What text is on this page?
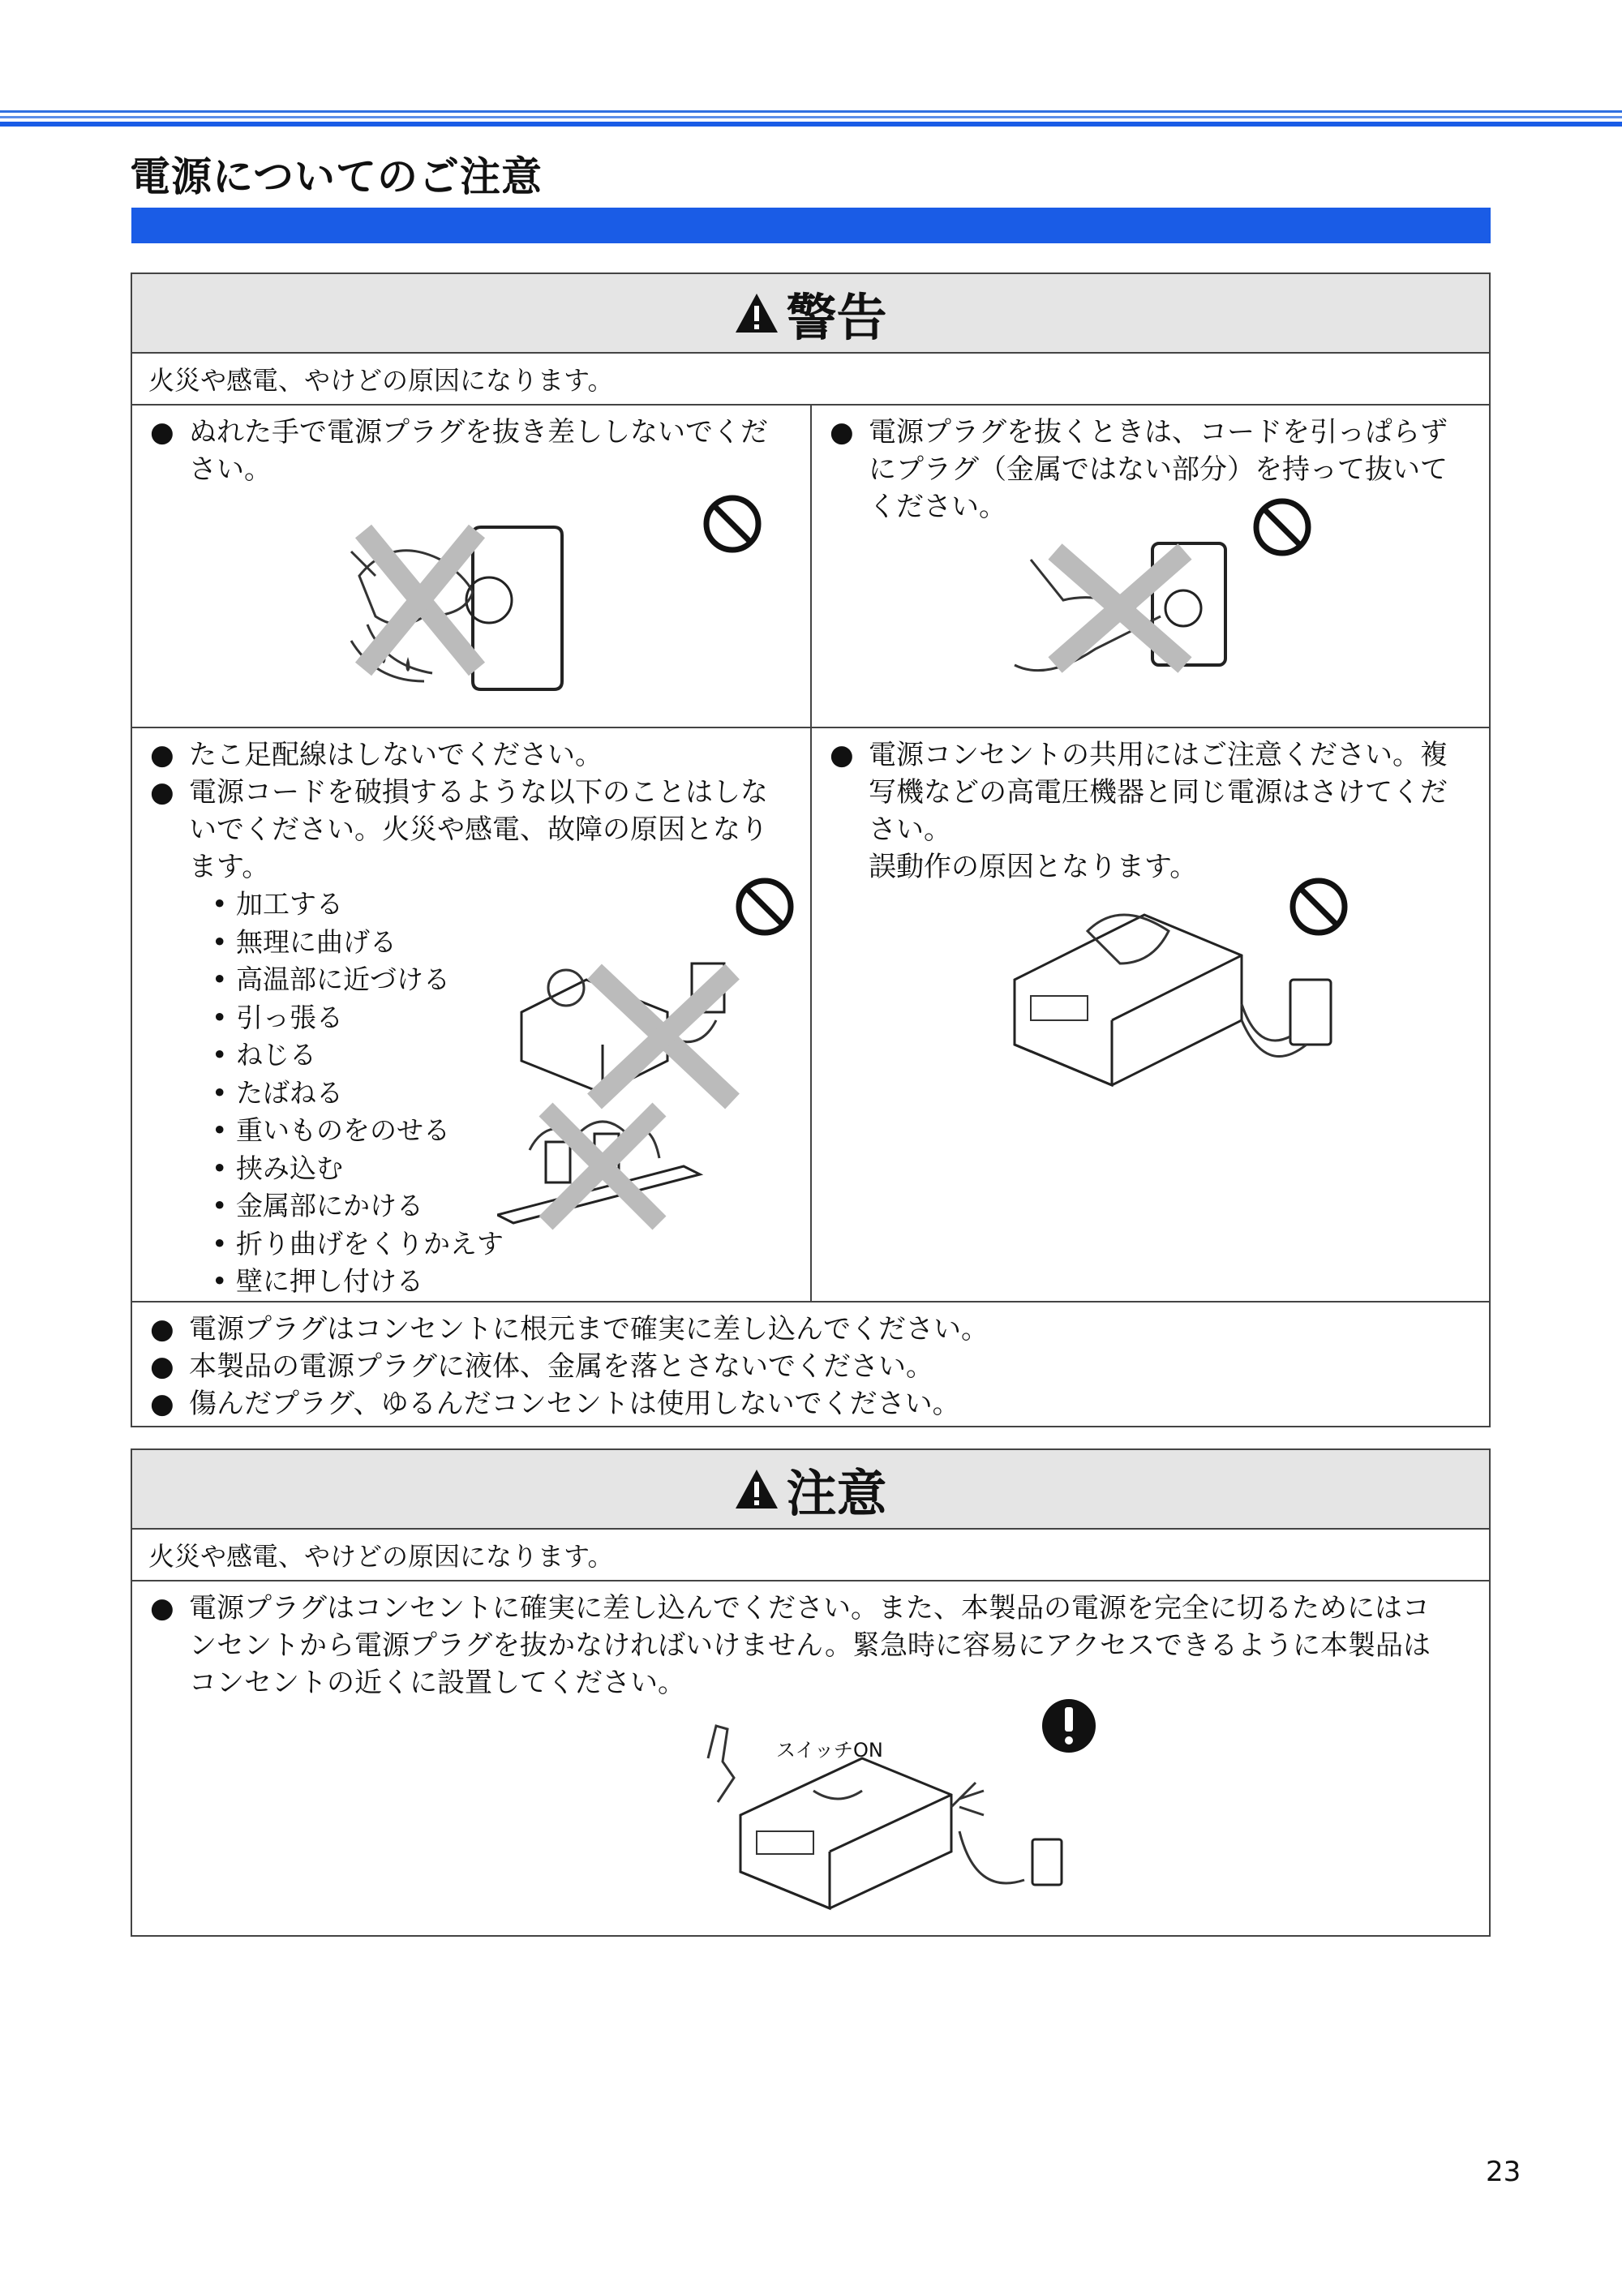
電源についてのご注意
警告
火災や感電、やけどの原因になります。
● ぬれた手で電源プラグを抜き差ししないでくだ
さい。
● 電源プラグを抜くときは、コードを引っぱらず
にプラグ（金属ではない部分）を持って抜いて
ください。
● たこ足配線はしないでください。
● 電源コードを破損するような以下のことはしな
いでください。火災や感電、故障の原因となり
ます。
• 加工する
• 無理に曲げる
• 高温部に近づける
• 引っ張る
• ねじる
• たばねる
• 重いものをのせる
• 挟み込む
• 金属部にかける
• 折り曲げをくりかえす
• 壁に押し付ける
● 電源コンセントの共用にはご注意ください。複
写機などの高電圧機器と同じ電源はさけてくだ
さい。
誤動作の原因となります。
● 電源プラグはコンセントに根元まで確実に差し込んでください。
● 本製品の電源プラグに液体、金属を落とさないでください。
● 傷んだプラグ、ゆるんだコンセントは使用しないでください。
注意
火災や感電、やけどの原因になります。
● 電源プラグはコンセントに確実に差し込んでください。また、本製品の電源を完全に切るためにはコ
ンセントから電源プラグを抜かなければいけません。緊急時に容易にアクセスできるように本製品は
コンセントの近くに設置してください。
スイッチON
23
